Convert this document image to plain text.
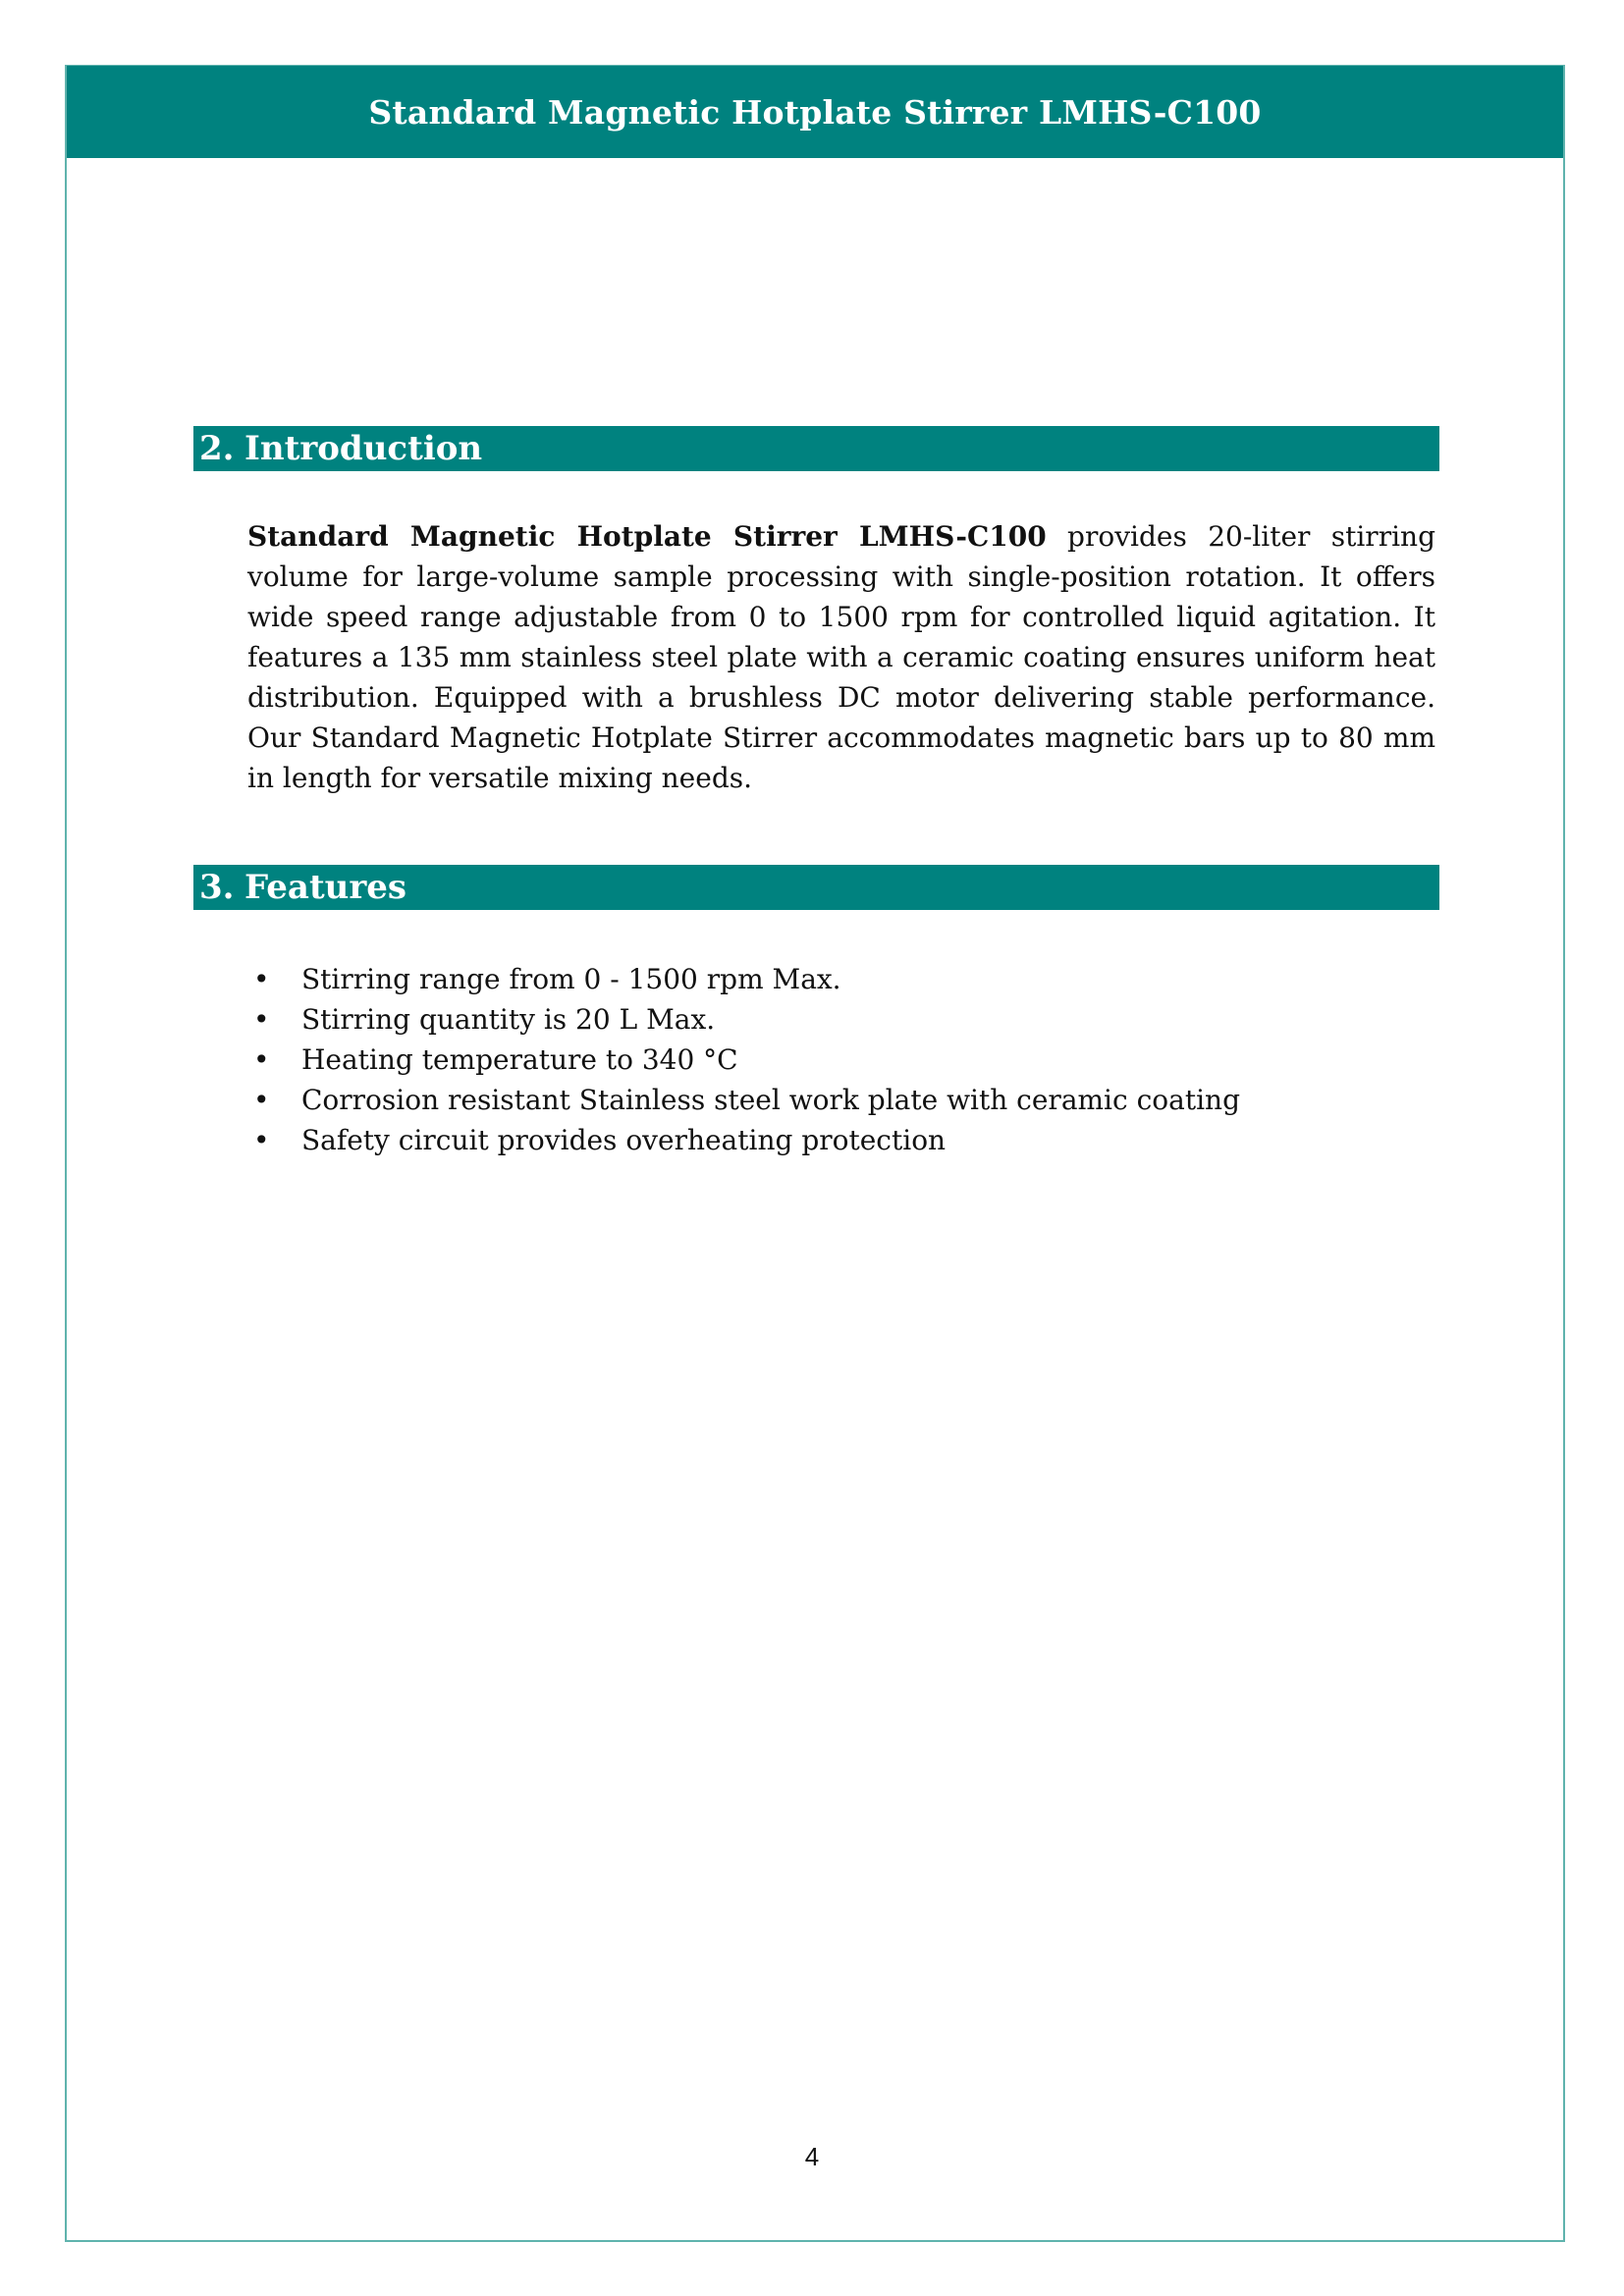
Standard Magnetic Hotplate Stirrer LMHS-C100
2. Introduction
Standard Magnetic Hotplate Stirrer LMHS-C100 provides 20-liter stirring volume for large-volume sample processing with single-position rotation. It offers wide speed range adjustable from 0 to 1500 rpm for controlled liquid agitation. It features a 135 mm stainless steel plate with a ceramic coating ensures uniform heat distribution. Equipped with a brushless DC motor delivering stable performance. Our Standard Magnetic Hotplate Stirrer accommodates magnetic bars up to 80 mm in length for versatile mixing needs.
3. Features
• Stirring range from 0 - 1500 rpm Max.
• Stirring quantity is 20 L Max.
• Heating temperature to 340 °C
• Corrosion resistant Stainless steel work plate with ceramic coating
• Safety circuit provides overheating protection
4
